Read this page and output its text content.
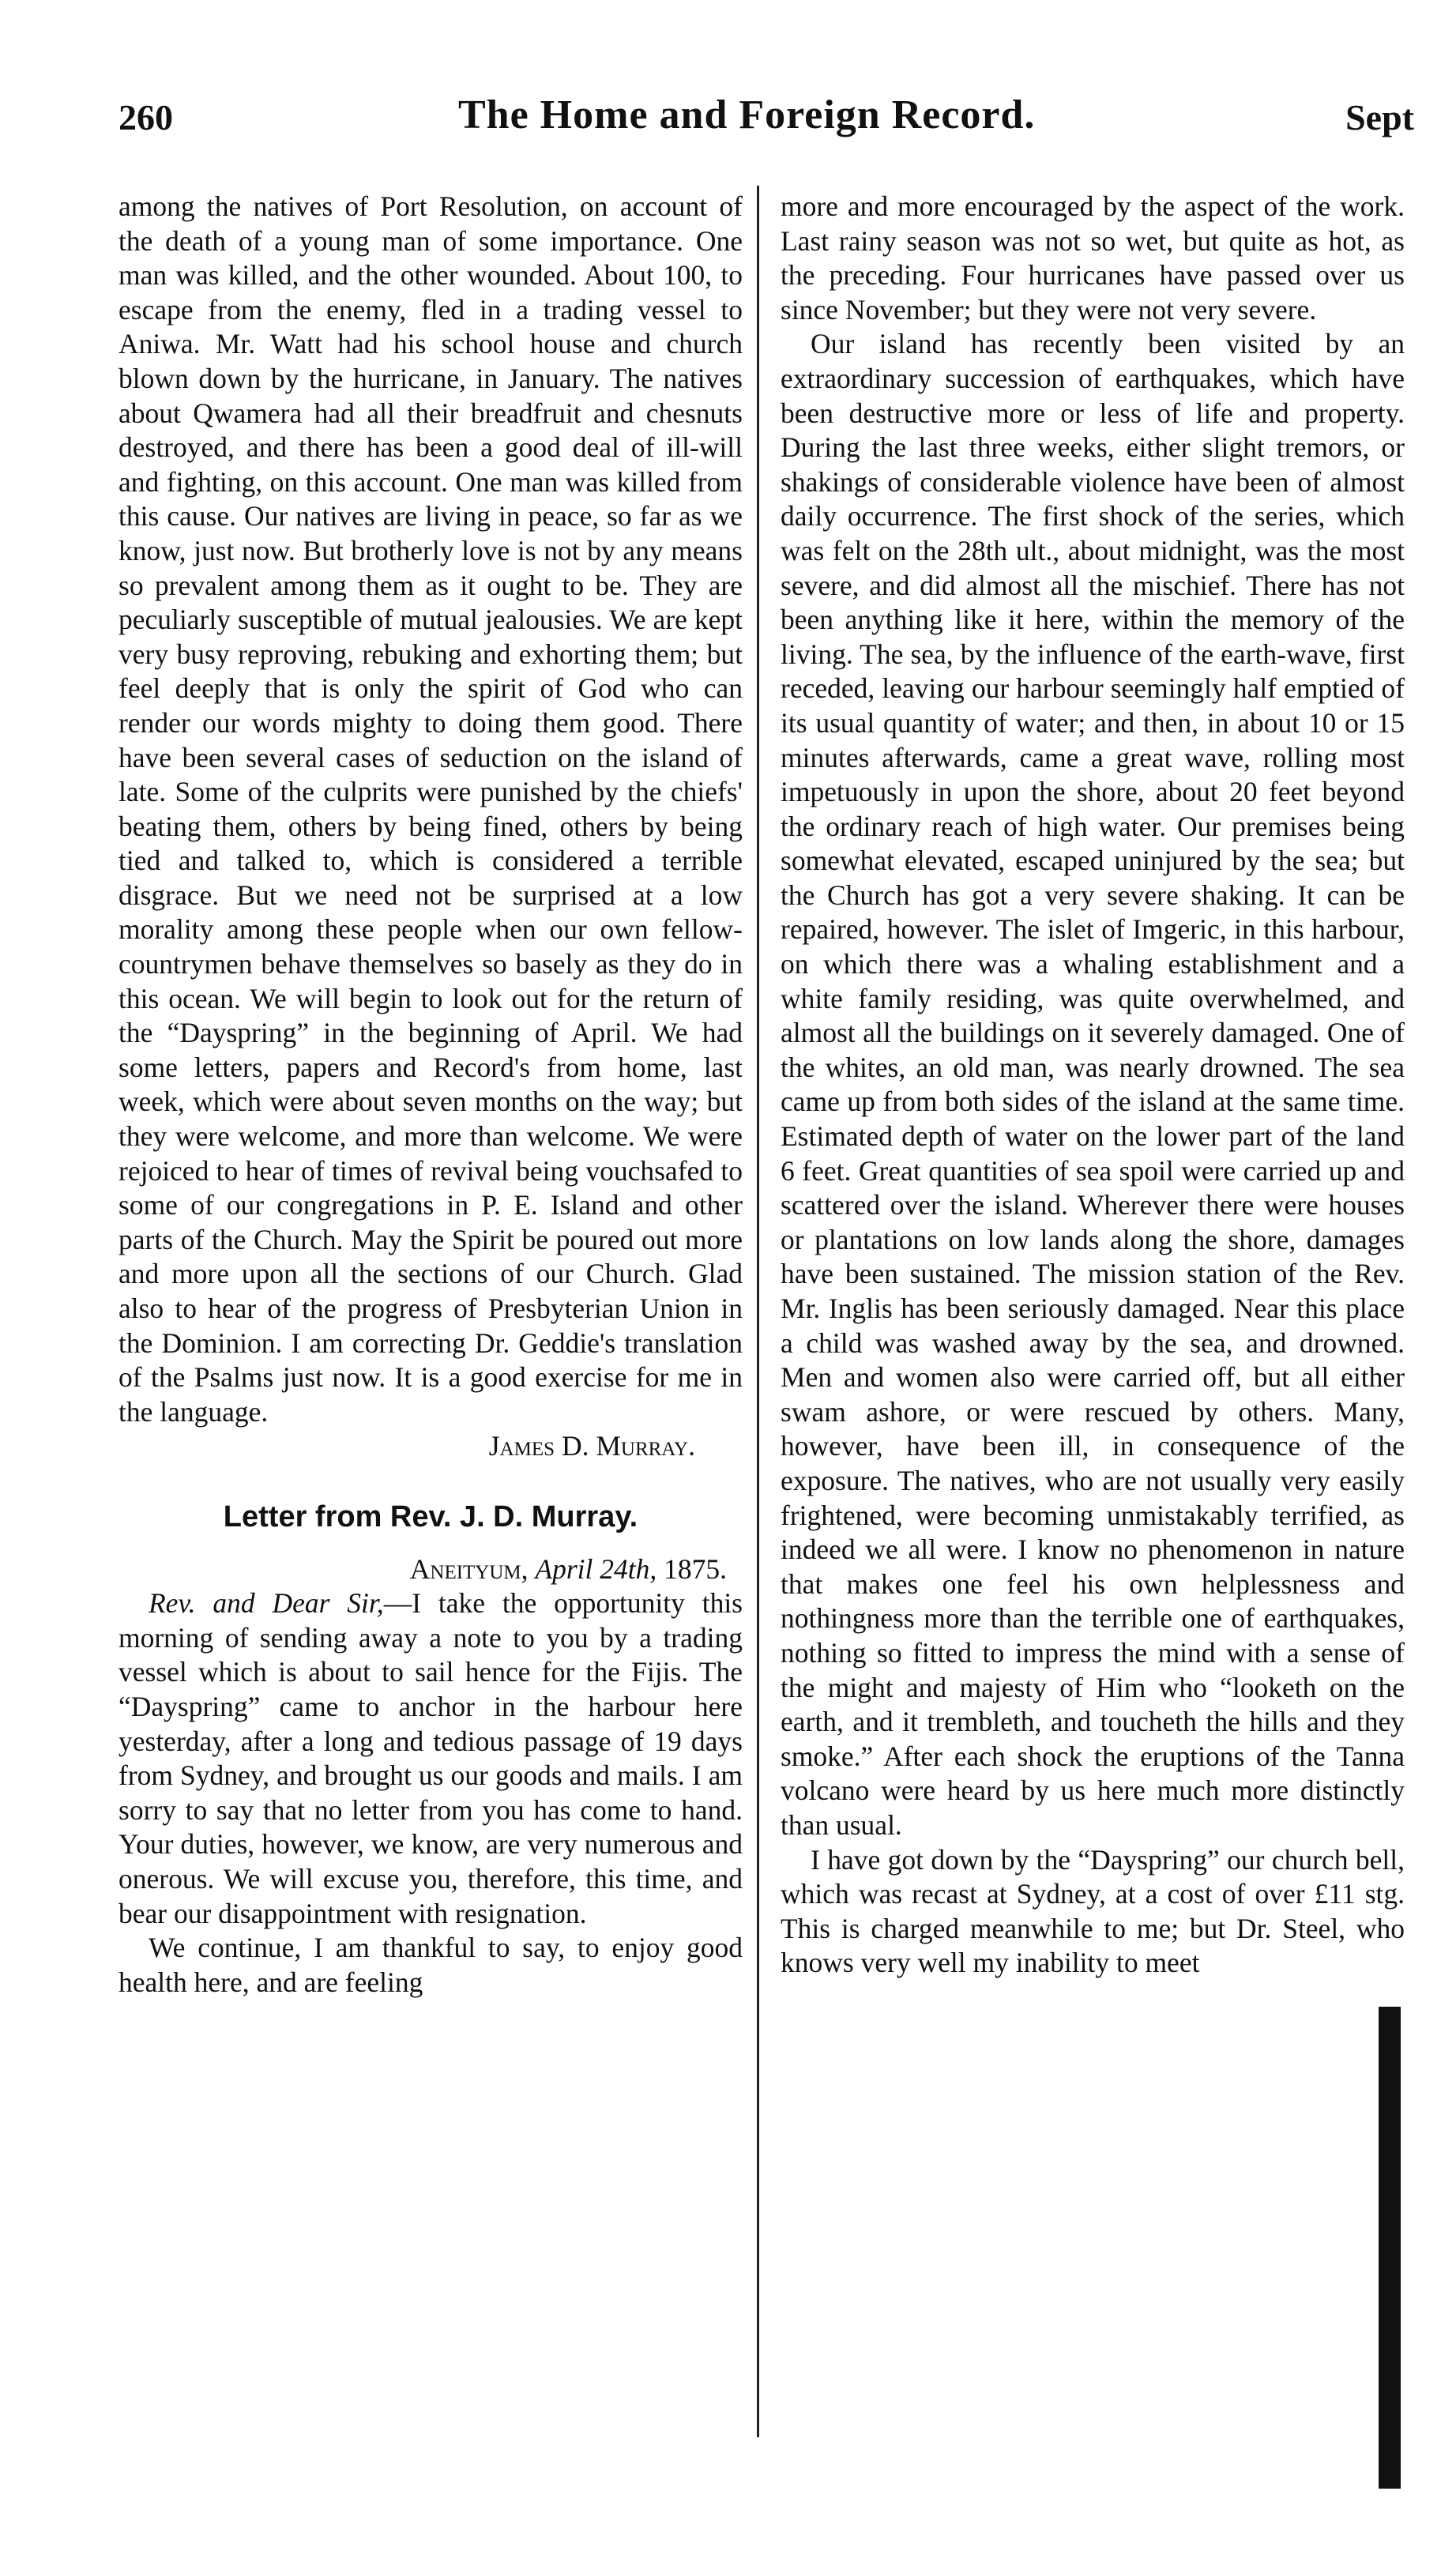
260	The Home and Foreign Record.	Sept

among the natives of Port Resolution, on account of the death of a young man of some importance. One man was killed, and the other wounded. About 100, to escape from the enemy, fled in a trading vessel to Aniwa. Mr. Watt had his school house and church blown down by the hurricane, in January. The natives about Qwamera had all their breadfruit and chesnuts destroyed, and there has been a good deal of ill-will and fighting, on this account. One man was killed from this cause. Our natives are living in peace, so far as we know, just now. But brotherly love is not by any means so prevalent among them as it ought to be. They are peculiarly susceptible of mutual jealousies. We are kept very busy reproving, rebuking and exhorting them; but feel deeply that is only the spirit of God who can render our words mighty to doing them good. There have been several cases of seduction on the island of late. Some of the culprits were punished by the chiefs' beating them, others by being fined, others by being tied and talked to, which is considered a terrible disgrace. But we need not be surprised at a low morality among these people when our own fellow-countrymen behave themselves so basely as they do in this ocean. We will begin to look out for the return of the “Dayspring” in the beginning of April. We had some letters, papers and Record's from home, last week, which were about seven months on the way; but they were welcome, and more than welcome. We were rejoiced to hear of times of revival being vouchsafed to some of our congregations in P. E. Island and other parts of the Church. May the Spirit be poured out more and more upon all the sections of our Church. Glad also to hear of the progress of Presbyterian Union in the Dominion. I am correcting Dr. Geddie's translation of the Psalms just now. It is a good exercise for me in the language.

James D. Murray.

Letter from Rev. J. D. Murray.

Aneityum, April 24th, 1875.

Rev. and Dear Sir,—I take the opportunity this morning of sending away a note to you by a trading vessel which is about to sail hence for the Fijis. The “Dayspring” came to anchor in the harbour here yesterday, after a long and tedious passage of 19 days from Sydney, and brought us our goods and mails. I am sorry to say that no letter from you has come to hand. Your duties, however, we know, are very numerous and onerous. We will excuse you, therefore, this time, and bear our disappointment with resignation.

We continue, I am thankful to say, to enjoy good health here, and are feeling

more and more encouraged by the aspect of the work. Last rainy season was not so wet, but quite as hot, as the preceding. Four hurricanes have passed over us since November; but they were not very severe.

Our island has recently been visited by an extraordinary succession of earthquakes, which have been destructive more or less of life and property. During the last three weeks, either slight tremors, or shakings of considerable violence have been of almost daily occurrence. The first shock of the series, which was felt on the 28th ult., about midnight, was the most severe, and did almost all the mischief. There has not been anything like it here, within the memory of the living. The sea, by the influence of the earth-wave, first receded, leaving our harbour seemingly half emptied of its usual quantity of water; and then, in about 10 or 15 minutes afterwards, came a great wave, rolling most impetuously in upon the shore, about 20 feet beyond the ordinary reach of high water. Our premises being somewhat elevated, escaped uninjured by the sea; but the Church has got a very severe shaking. It can be repaired, however. The islet of Imgeric, in this harbour, on which there was a whaling establishment and a white family residing, was quite overwhelmed, and almost all the buildings on it severely damaged. One of the whites, an old man, was nearly drowned. The sea came up from both sides of the island at the same time. Estimated depth of water on the lower part of the land 6 feet. Great quantities of sea spoil were carried up and scattered over the island. Wherever there were houses or plantations on low lands along the shore, damages have been sustained. The mission station of the Rev. Mr. Inglis has been seriously damaged. Near this place a child was washed away by the sea, and drowned. Men and women also were carried off, but all either swam ashore, or were rescued by others. Many, however, have been ill, in consequence of the exposure. The natives, who are not usually very easily frightened, were becoming unmistakably terrified, as indeed we all were. I know no phenomenon in nature that makes one feel his own helplessness and nothingness more than the terrible one of earthquakes, nothing so fitted to impress the mind with a sense of the might and majesty of Him who “looketh on the earth, and it trembleth, and toucheth the hills and they smoke.” After each shock the eruptions of the Tanna volcano were heard by us here much more distinctly than usual.

I have got down by the “Dayspring” our church bell, which was recast at Sydney, at a cost of over £11 stg. This is charged meanwhile to me; but Dr. Steel, who knows very well my inability to meet
